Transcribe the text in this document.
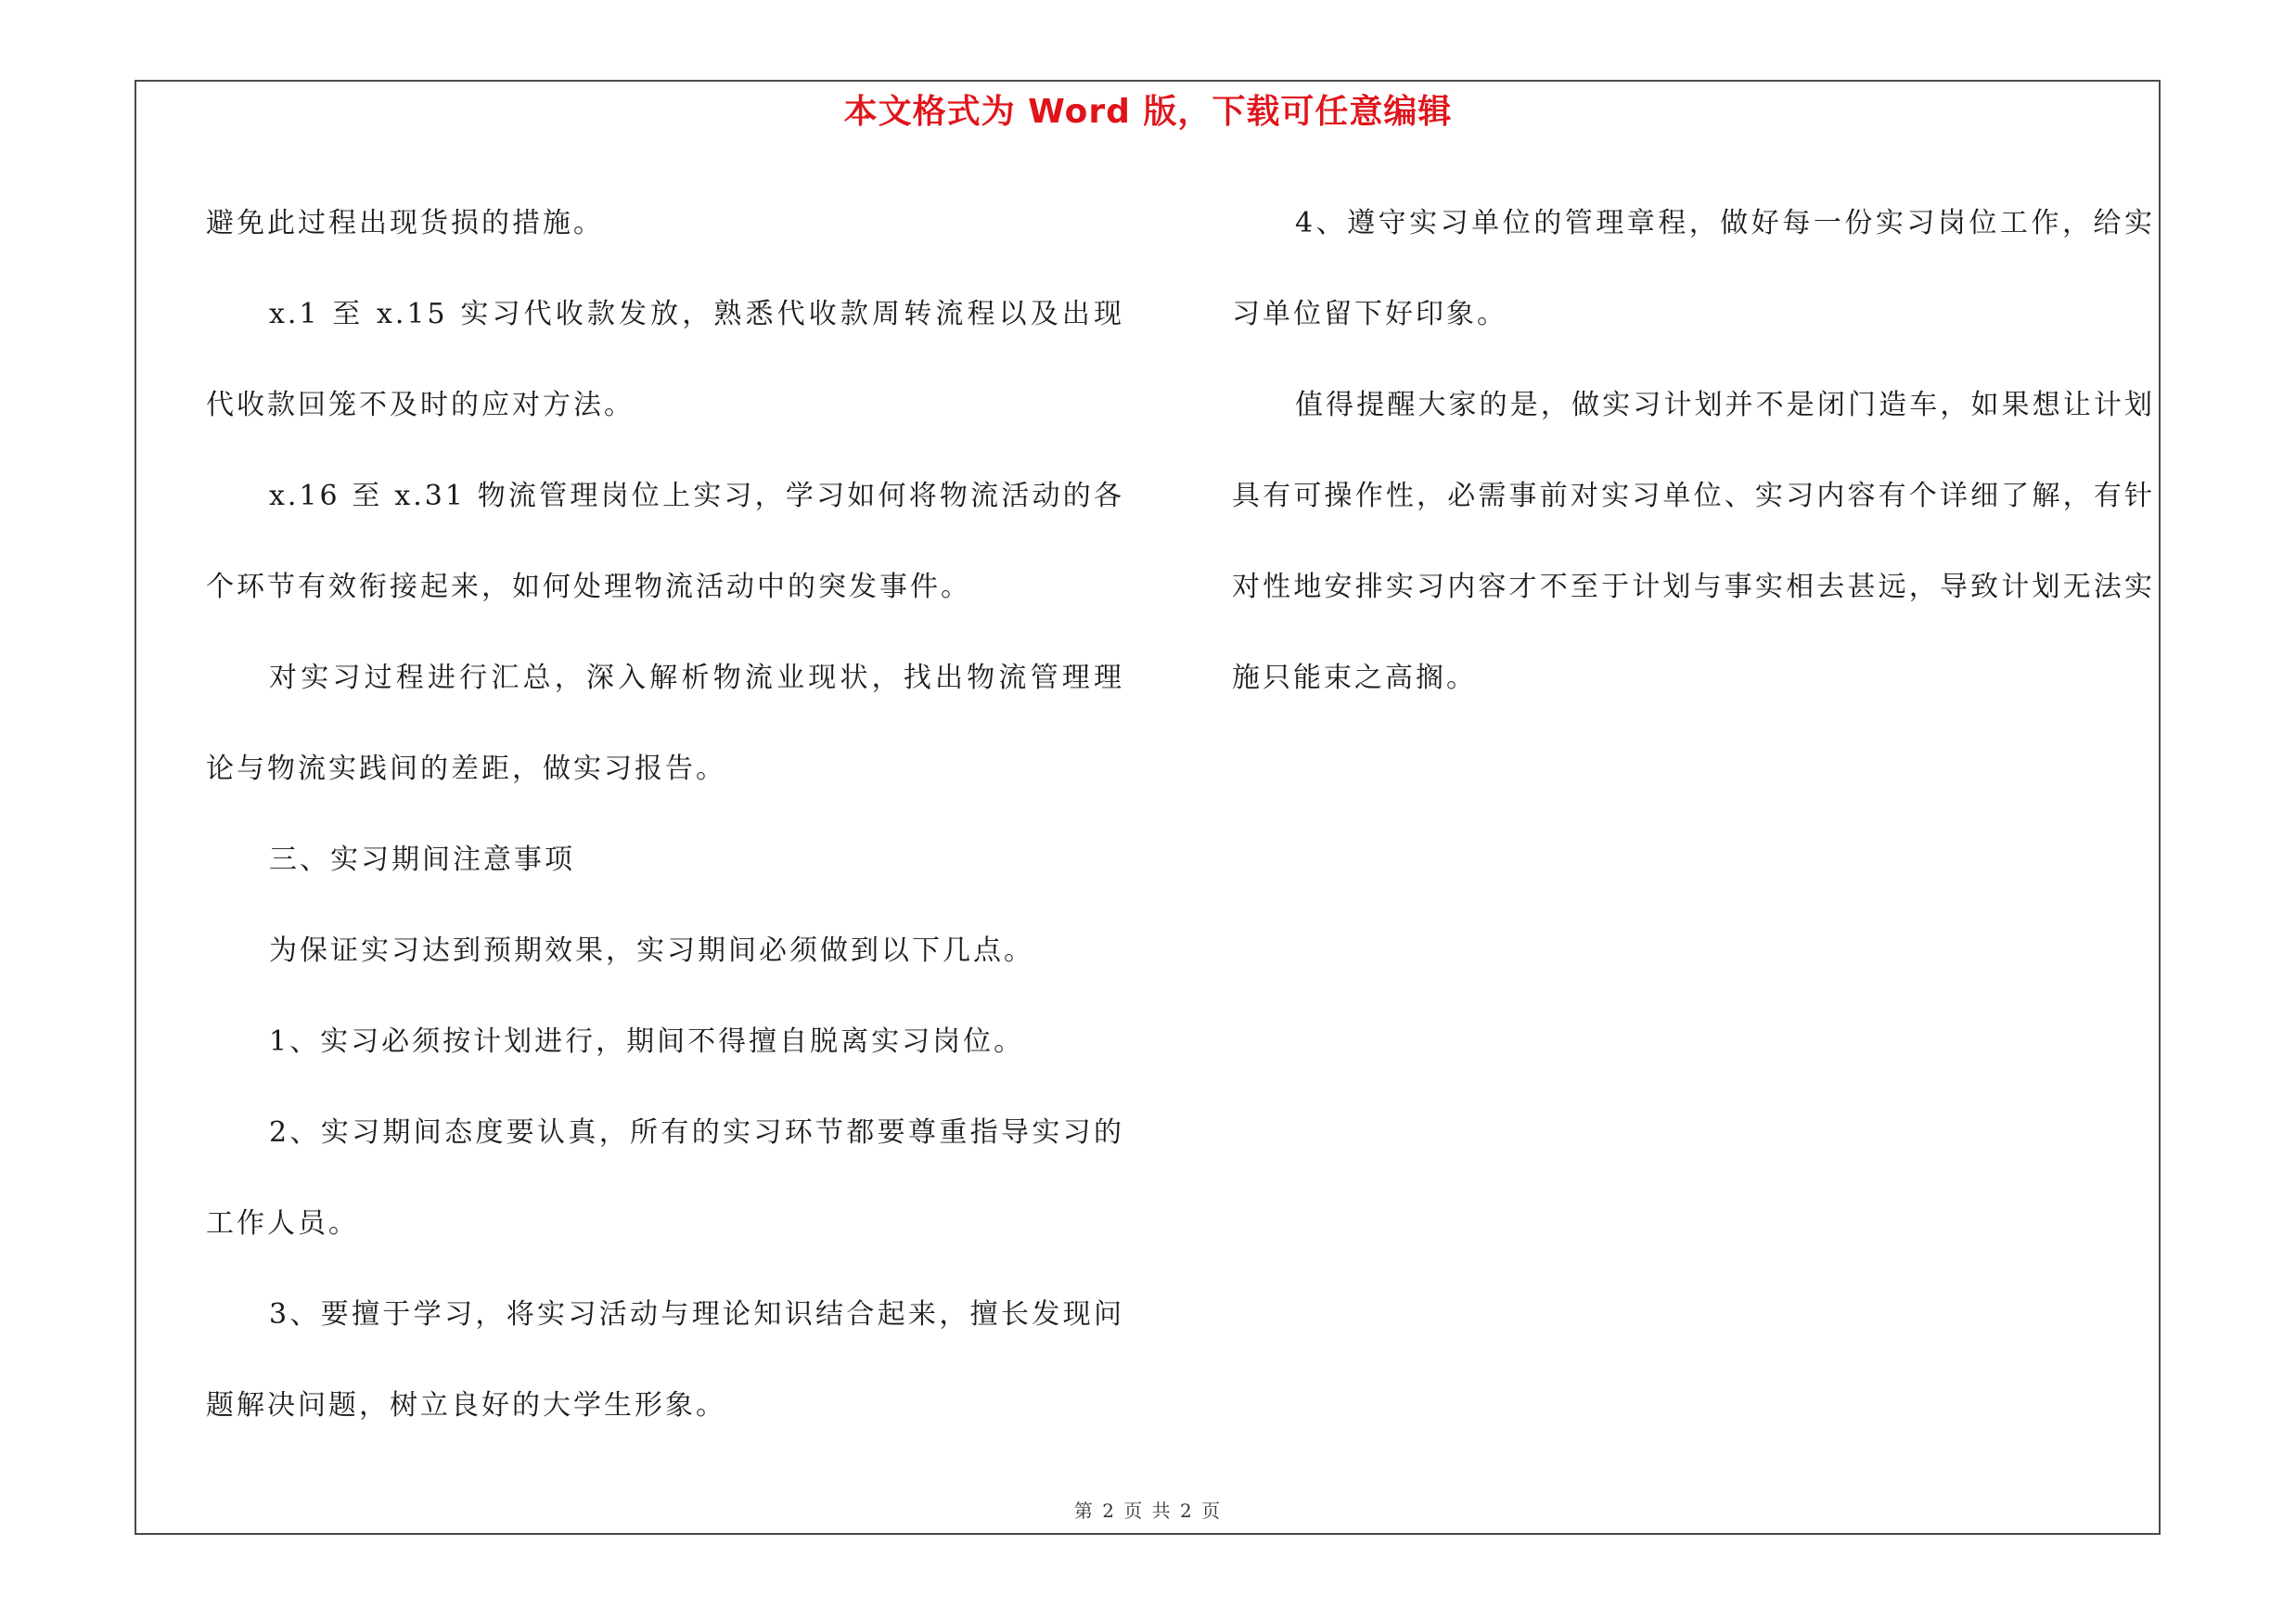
本文格式为 Word 版，下载可任意编辑

避免此过程出现货损的措施。

x.1 至 x.15 实习代收款发放，熟悉代收款周转流程以及出现代收款回笼不及时的应对方法。

x.16 至 x.31 物流管理岗位上实习，学习如何将物流活动的各个环节有效衔接起来，如何处理物流活动中的突发事件。

对实习过程进行汇总，深入解析物流业现状，找出物流管理理论与物流实践间的差距，做实习报告。

三、实习期间注意事项

为保证实习达到预期效果，实习期间必须做到以下几点。

1、实习必须按计划进行，期间不得擅自脱离实习岗位。

2、实习期间态度要认真，所有的实习环节都要尊重指导实习的工作人员。

3、要擅于学习，将实习活动与理论知识结合起来，擅长发现问题解决问题，树立良好的大学生形象。

4、遵守实习单位的管理章程，做好每一份实习岗位工作，给实习单位留下好印象。

值得提醒大家的是，做实习计划并不是闭门造车，如果想让计划具有可操作性，必需事前对实习单位、实习内容有个详细了解，有针对性地安排实习内容才不至于计划与事实相去甚远，导致计划无法实施只能束之高搁。

第 2 页 共 2 页
